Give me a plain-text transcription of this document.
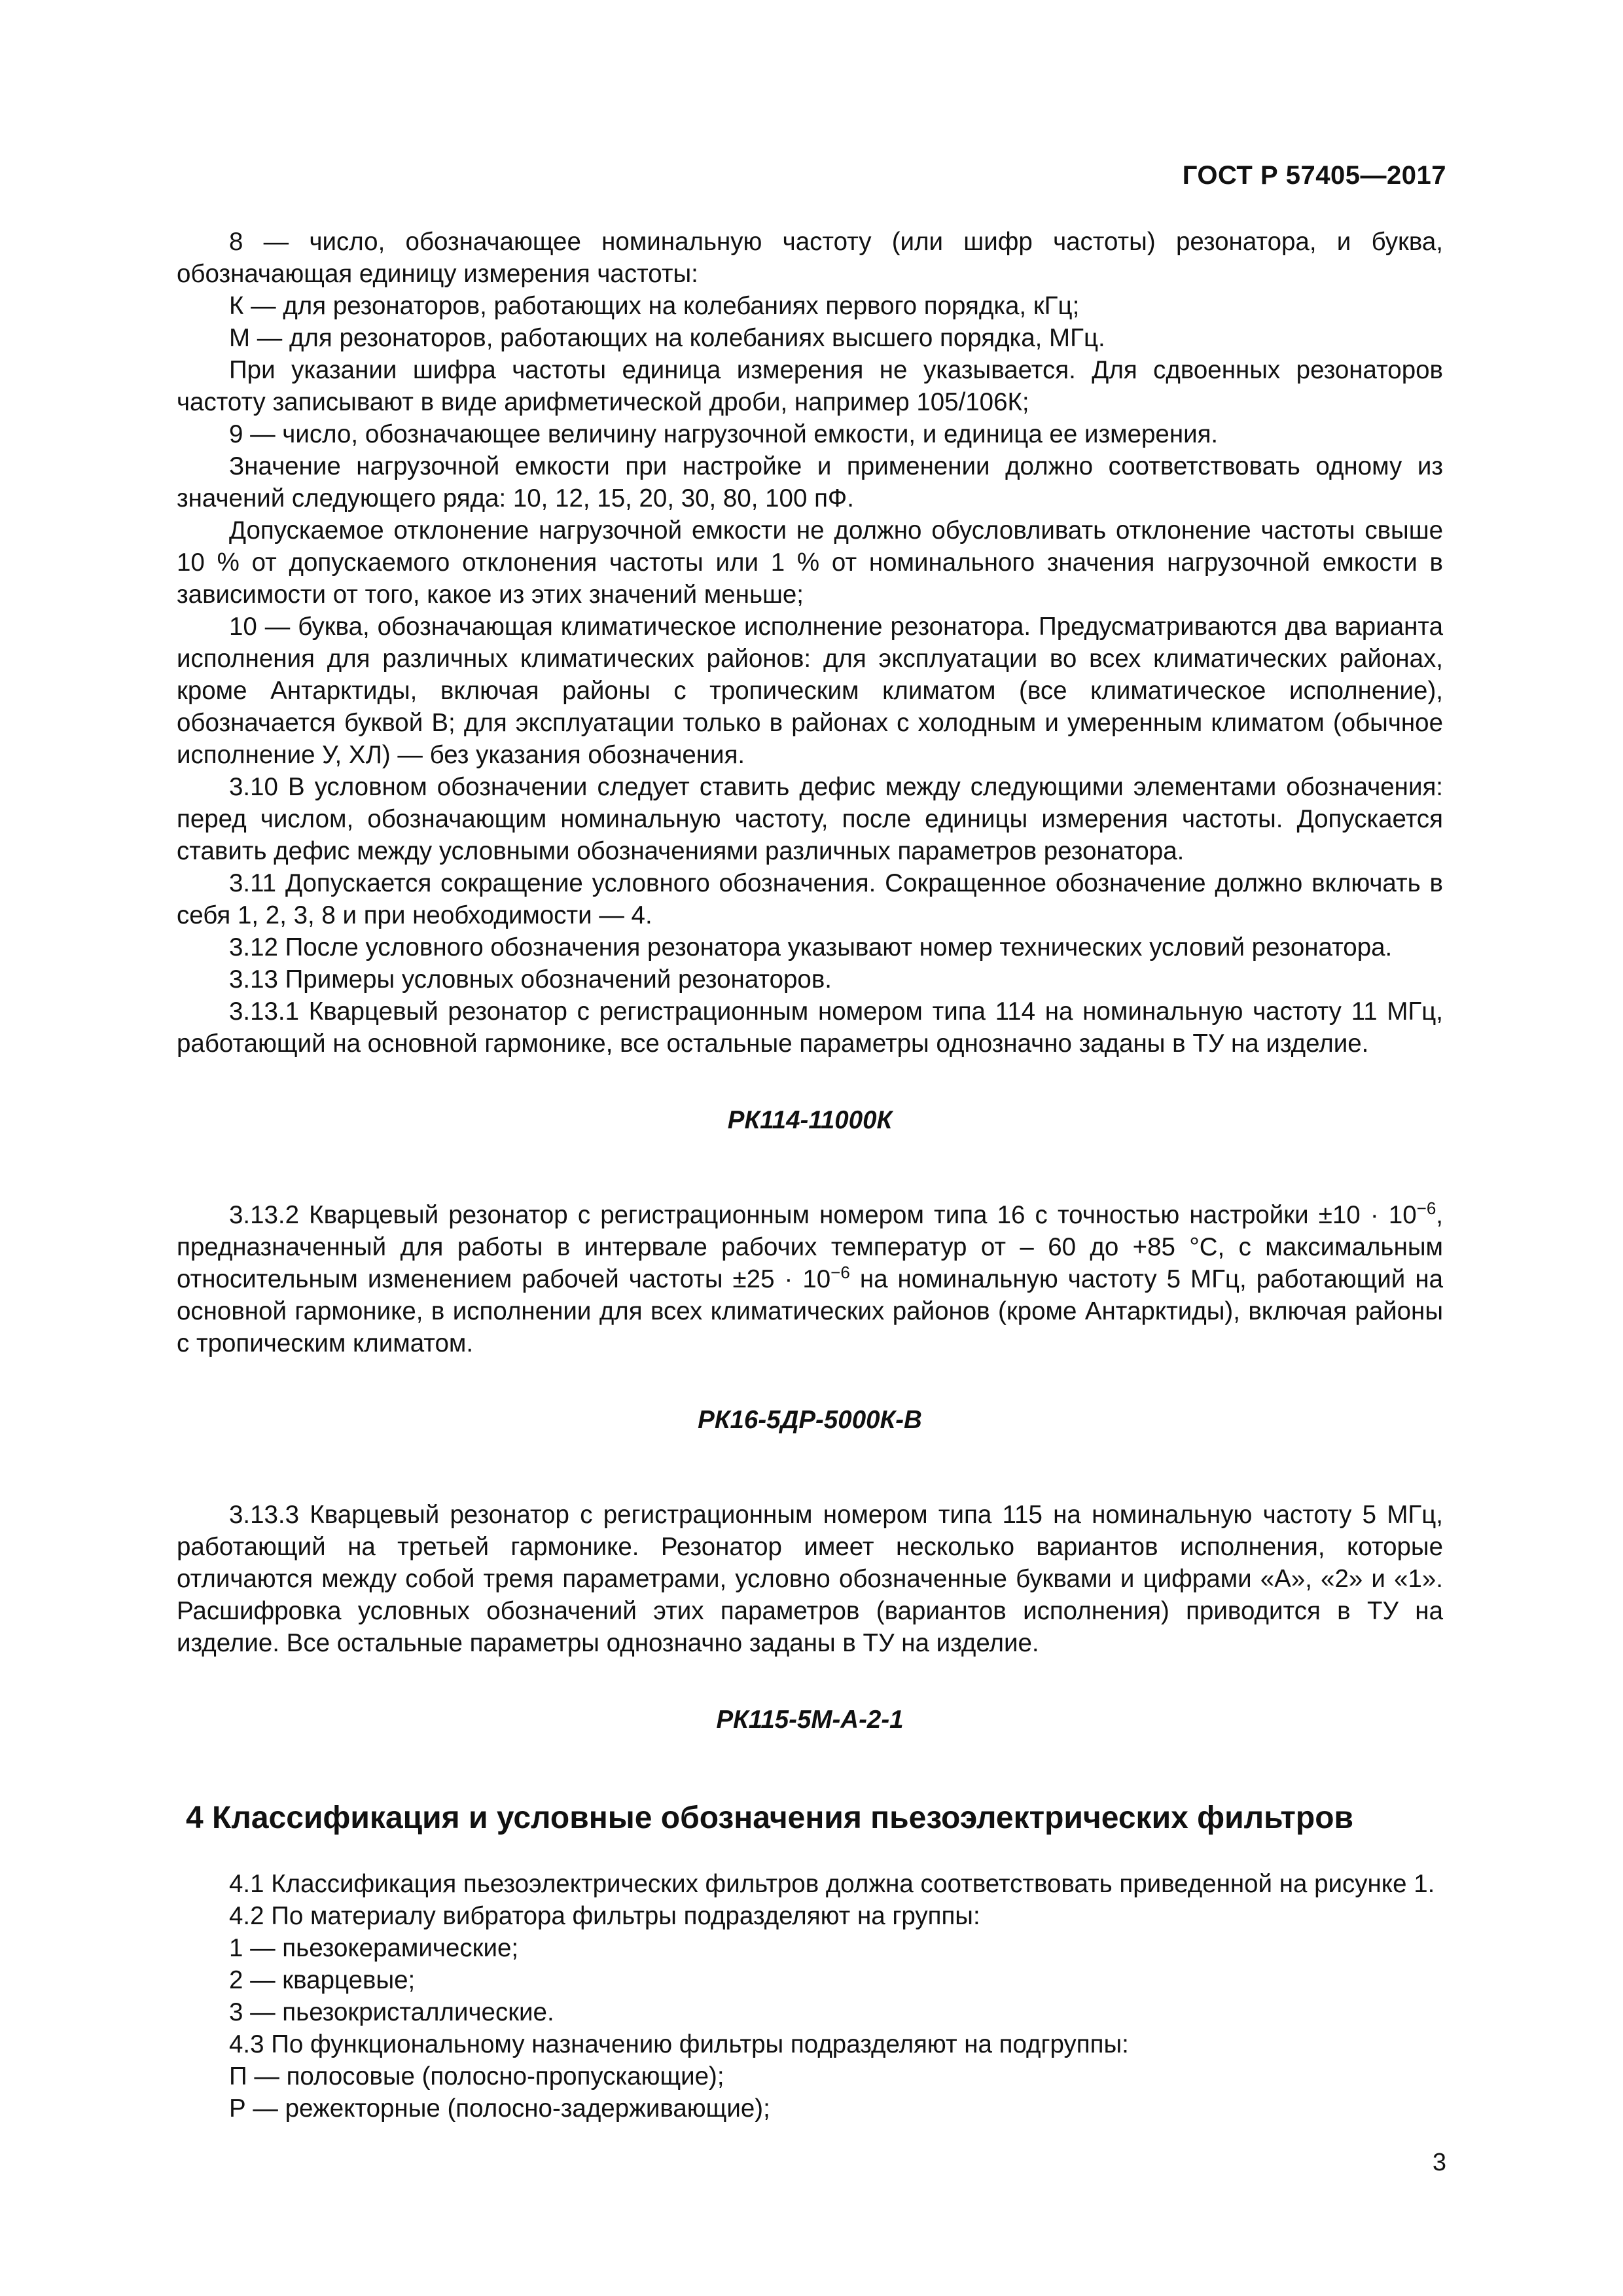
ГОСТ Р 57405—2017

8 — число, обозначающее номинальную частоту (или шифр частоты) резонатора, и буква, обозначающая единицу измерения частоты:

К — для резонаторов, работающих на колебаниях первого порядка, кГц;

М — для резонаторов, работающих на колебаниях высшего порядка, МГц.

При указании шифра частоты единица измерения не указывается. Для сдвоенных резонаторов частоту записывают в виде арифметической дроби, например 105/106К;

9 — число, обозначающее величину нагрузочной емкости, и единица ее измерения.

Значение нагрузочной емкости при настройке и применении должно соответствовать одному из значений следующего ряда: 10, 12, 15, 20, 30, 80, 100 пФ.

Допускаемое отклонение нагрузочной емкости не должно обусловливать отклонение частоты свыше 10 % от допускаемого отклонения частоты или 1 % от номинального значения нагрузочной емкости в зависимости от того, какое из этих значений меньше;

10 — буква, обозначающая климатическое исполнение резонатора. Предусматриваются два варианта исполнения для различных климатических районов: для эксплуатации во всех климатических районах, кроме Антарктиды, включая районы с тропическим климатом (все климатическое исполнение), обозначается буквой В; для эксплуатации только в районах с холодным и умеренным климатом (обычное исполнение У, ХЛ) — без указания обозначения.

3.10 В условном обозначении следует ставить дефис между следующими элементами обозначения: перед числом, обозначающим номинальную частоту, после единицы измерения частоты. Допускается ставить дефис между условными обозначениями различных параметров резонатора.

3.11 Допускается сокращение условного обозначения. Сокращенное обозначение должно включать в себя 1, 2, 3, 8 и при необходимости — 4.

3.12 После условного обозначения резонатора указывают номер технических условий резонатора.

3.13 Примеры условных обозначений резонаторов.

3.13.1 Кварцевый резонатор с регистрационным номером типа 114 на номинальную частоту 11 МГц, работающий на основной гармонике, все остальные параметры однозначно заданы в ТУ на изделие.

РК114-11000К

3.13.2 Кварцевый резонатор с регистрационным номером типа 16 с точностью настройки $\pm 10 \cdot 10^{-6}$, предназначенный для работы в интервале рабочих температур от – 60 до +85 °С, с максимальным относительным изменением рабочей частоты $\pm 25 \cdot 10^{-6}$ на номинальную частоту 5 МГц, работающий на основной гармонике, в исполнении для всех климатических районов (кроме Антарктиды), включая районы с тропическим климатом.

РК16-5ДР-5000К-В

3.13.3 Кварцевый резонатор с регистрационным номером типа 115 на номинальную частоту 5 МГц, работающий на третьей гармонике. Резонатор имеет несколько вариантов исполнения, которые отличаются между собой тремя параметрами, условно обозначенные буквами и цифрами «А», «2» и «1». Расшифровка условных обозначений этих параметров (вариантов исполнения) приводится в ТУ на изделие. Все остальные параметры однозначно заданы в ТУ на изделие.

РК115-5М-А-2-1

4 Классификация и условные обозначения пьезоэлектрических фильтров

4.1 Классификация пьезоэлектрических фильтров должна соответствовать приведенной на рисунке 1.

4.2 По материалу вибратора фильтры подразделяют на группы:

1 — пьезокерамические;

2 — кварцевые;

3 — пьезокристаллические.

4.3 По функциональному назначению фильтры подразделяют на подгруппы:

П — полосовые (полосно-пропускающие);

Р — режекторные (полосно-задерживающие);

3
